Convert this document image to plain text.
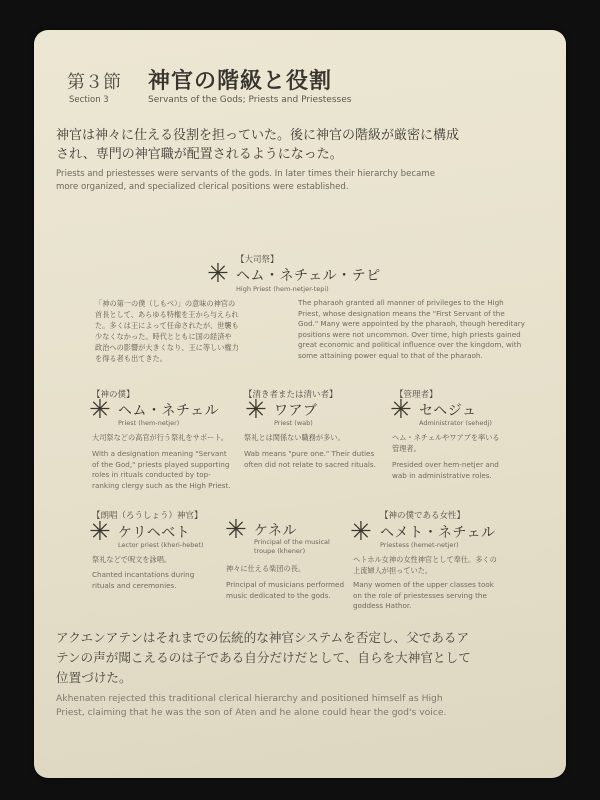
第３節

Section 3

神官の階級と役割

Servants of the Gods; Priests and Priestesses

神官は神々に仕える役割を担っていた。後に神官の階級が厳密に構成
され、専門の神官職が配置されるようになった。

Priests and priestesses were servants of the gods. In later times their hierarchy became
more organized, and specialized clerical positions were established.

【大司祭】
✳ ヘム・ネチェル・テピ
High Priest (hem-netjer-tepi)

「神の第一の僕（しもべ）」の意味の神官の
首長として、あらゆる特権を王から与えられ
た。多くは王によって任命されたが、世襲も
少なくなかった。時代とともに国の経済や
政治への影響が大きくなり、王に等しい権力
を得る者も出てきた。

The pharaoh granted all manner of privileges to the High
Priest, whose designation means the "First Servant of the
God." Many were appointed by the pharaoh, though hereditary
positions were not uncommon. Over time, high priests gained
great economic and political influence over the kingdom, with
some attaining power equal to that of the pharaoh.

【神の僕】
✳ ヘム・ネチェル
Priest (hem-netjer)

大司祭などの高官が行う祭礼をサポート。

With a designation meaning "Servant
of the God," priests played supporting
roles in rituals conducted by top-
ranking clergy such as the High Priest.

【清き者または清い者】
✳ ワアブ
Priest (wab)

祭礼とは関係ない職務が多い。

Wab means "pure one." Their duties
often did not relate to sacred rituals.

【管理者】
✳ セヘジュ
Administrator (sehedj)

ヘム・ネチェルやワアブを率いる
管理者。

Presided over hem-netjer and
wab in administrative roles.

【朗唱（ろうしょう）神官】
✳ ケリヘベト
Lector priest (kheri-hebet)

祭礼などで呪文を詠唱。

Chanted incantations during
rituals and ceremonies.

✳ ケネル

Principal of the musical
troupe (khener)

神々に仕える楽団の長。

Principal of musicians performed
music dedicated to the gods.

【神の僕である女性】
✳ ヘメト・ネチェル
Priestess (hemet-netjer)

ヘトホル女神の女性神官として奉仕。多くの
上流婦人が担っていた。

Many women of the upper classes took
on the role of priestesses serving the
goddess Hathor.

アクエンアテンはそれまでの伝統的な神官システムを否定し、父であるア
テンの声が聞こえるのは子である自分だけだとして、自らを大神官として
位置づけた。

Akhenaten rejected this traditional clerical hierarchy and positioned himself as High
Priest, claiming that he was the son of Aten and he alone could hear the god's voice.
